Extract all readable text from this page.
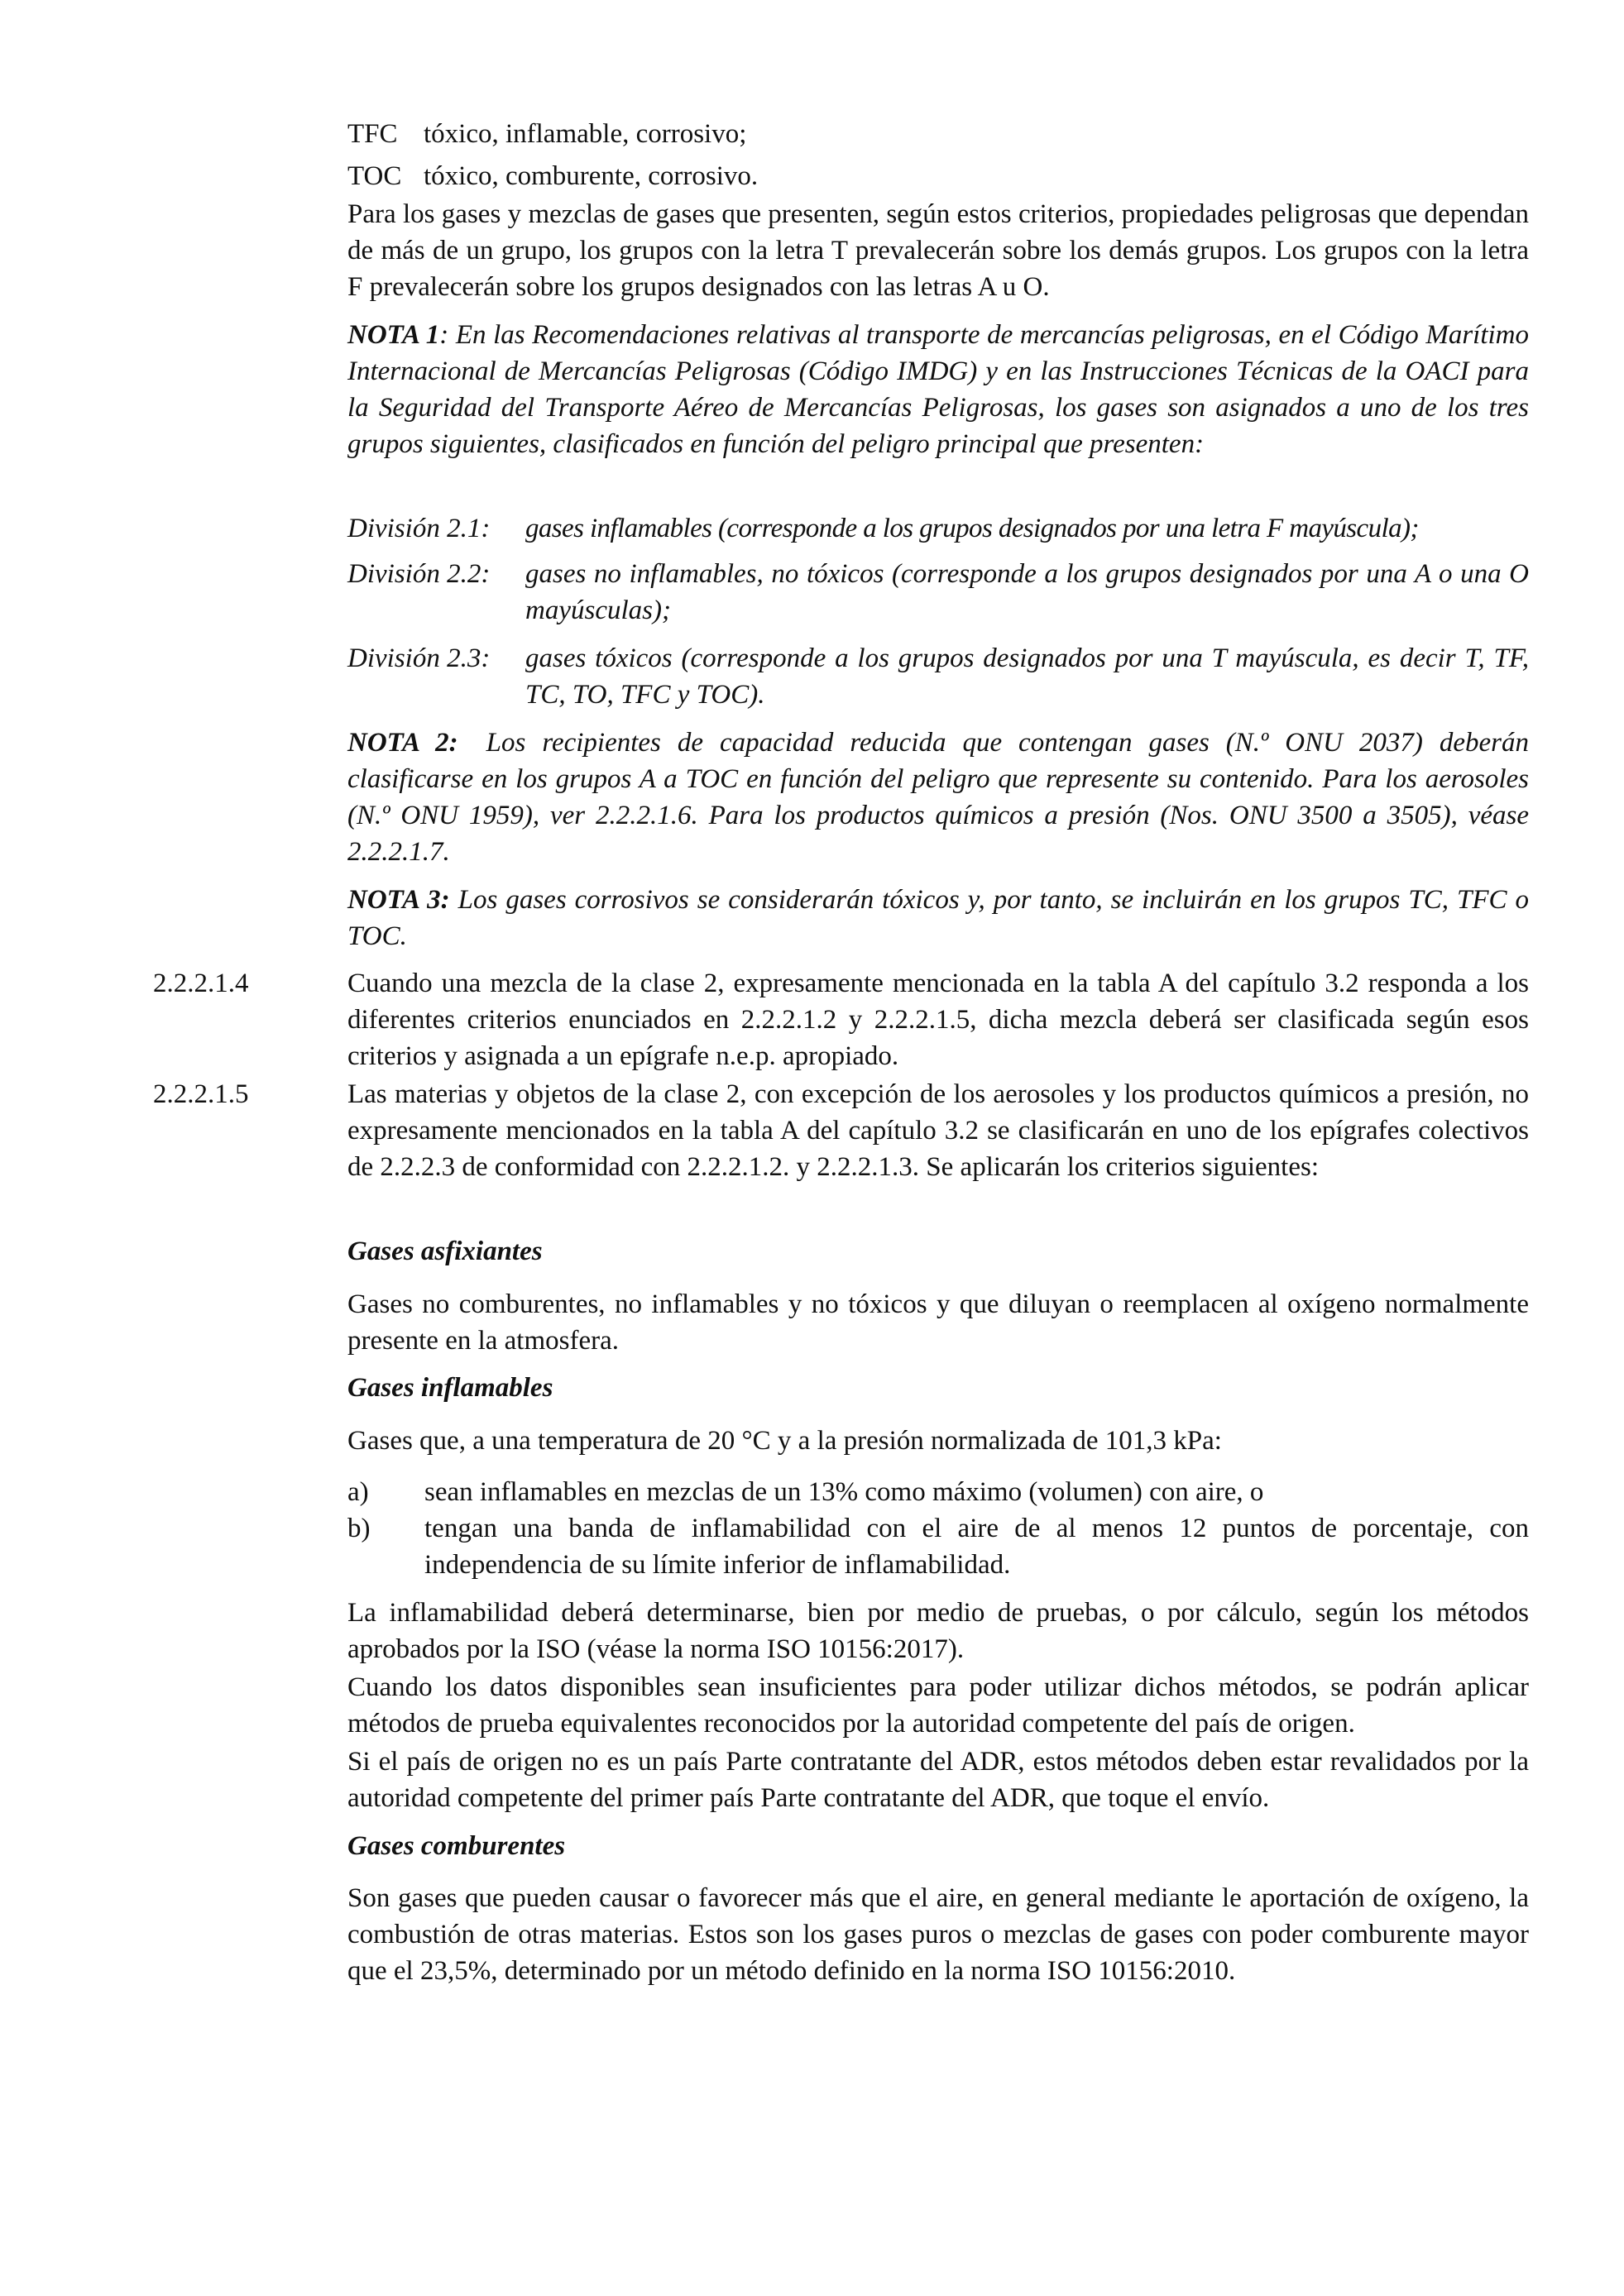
TFC tóxico, inflamable, corrosivo;
TOC tóxico, comburente, corrosivo.

Para los gases y mezclas de gases que presenten, según estos criterios, propiedades peligrosas que dependan de más de un grupo, los grupos con la letra T prevalecerán sobre los demás grupos. Los grupos con la letra F prevalecerán sobre los grupos designados con las letras A u O.

NOTA 1: En las Recomendaciones relativas al transporte de mercancías peligrosas, en el Código Marítimo Internacional de Mercancías Peligrosas (Código IMDG) y en las Instrucciones Técnicas de la OACI para la Seguridad del Transporte Aéreo de Mercancías Peligrosas, los gases son asignados a uno de los tres grupos siguientes, clasificados en función del peligro principal que presenten:

División 2.1:	gases inflamables (corresponde a los grupos designados por una letra F mayúscula);
División 2.2:	gases no inflamables, no tóxicos (corresponde a los grupos designados por una A o una O mayúsculas);
División 2.3:	gases tóxicos (corresponde a los grupos designados por una T mayúscula, es decir T, TF, TC, TO, TFC y TOC).

NOTA 2: Los recipientes de capacidad reducida que contengan gases (N.º ONU 2037) deberán clasificarse en los grupos A a TOC en función del peligro que represente su contenido. Para los aerosoles (N.º ONU 1959), ver 2.2.2.1.6. Para los productos químicos a presión (Nos. ONU 3500 a 3505), véase 2.2.2.1.7.

NOTA 3: Los gases corrosivos se considerarán tóxicos y, por tanto, se incluirán en los grupos TC, TFC o TOC.

2.2.2.1.4	Cuando una mezcla de la clase 2, expresamente mencionada en la tabla A del capítulo 3.2 responda a los diferentes criterios enunciados en 2.2.2.1.2 y 2.2.2.1.5, dicha mezcla deberá ser clasificada según esos criterios y asignada a un epígrafe n.e.p. apropiado.

2.2.2.1.5	Las materias y objetos de la clase 2, con excepción de los aerosoles y los productos químicos a presión, no expresamente mencionados en la tabla A del capítulo 3.2 se clasificarán en uno de los epígrafes colectivos de 2.2.2.3 de conformidad con 2.2.2.1.2. y 2.2.2.1.3. Se aplicarán los criterios siguientes:

Gases asfixiantes

Gases no comburentes, no inflamables y no tóxicos y que diluyan o reemplacen al oxígeno normalmente presente en la atmosfera.

Gases inflamables

Gases que, a una temperatura de 20 °C y a la presión normalizada de 101,3 kPa:

a) sean inflamables en mezclas de un 13% como máximo (volumen) con aire, o
b) tengan una banda de inflamabilidad con el aire de al menos 12 puntos de porcentaje, con independencia de su límite inferior de inflamabilidad.

La inflamabilidad deberá determinarse, bien por medio de pruebas, o por cálculo, según los métodos aprobados por la ISO (véase la norma ISO 10156:2017).

Cuando los datos disponibles sean insuficientes para poder utilizar dichos métodos, se podrán aplicar métodos de prueba equivalentes reconocidos por la autoridad competente del país de origen.

Si el país de origen no es un país Parte contratante del ADR, estos métodos deben estar revalidados por la autoridad competente del primer país Parte contratante del ADR, que toque el envío.

Gases comburentes

Son gases que pueden causar o favorecer más que el aire, en general mediante le aportación de oxígeno, la combustión de otras materias. Estos son los gases puros o mezclas de gases con poder comburente mayor que el 23,5%, determinado por un método definido en la norma ISO 10156:2010.
